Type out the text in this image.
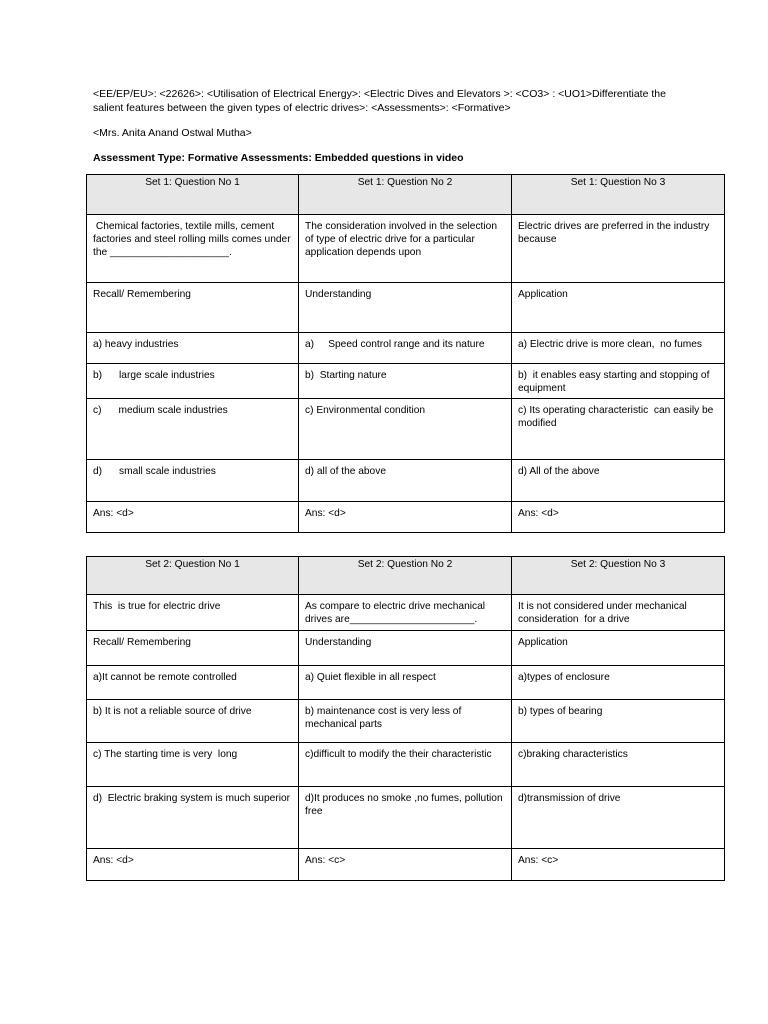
<EE/EP/EU>: <22626>: <Utilisation of Electrical Energy>: <Electric Dives and Elevators >: <CO3> : <UO1>Differentiate the salient features between the given types of electric drives>: <Assessments>: <Formative>
<Mrs. Anita Anand Ostwal Mutha>
Assessment Type: Formative Assessments: Embedded questions in video
Set 1: Question No 1	Set 1: Question No 2	Set 1: Question No 3
Chemical factories, textile mills, cement factories and steel rolling mills comes under the _____________________.	The consideration involved in the selection of type of electric drive for a particular application depends upon	Electric drives are preferred in the industry because
Recall/ Remembering	Understanding	Application
a) heavy industries	a)     Speed control range and its nature	a) Electric drive is more clean,  no fumes
b)      large scale industries	b)  Starting nature	b)  it enables easy starting and stopping of equipment
c)      medium scale industries	c) Environmental condition	c) Its operating characteristic  can easily be modified
d)      small scale industries	d) all of the above	d) All of the above
Ans: <d>	Ans: <d>	Ans: <d>
Set 2: Question No 1	Set 2: Question No 2	Set 2: Question No 3
This  is true for electric drive	As compare to electric drive mechanical drives are______________________.	It is not considered under mechanical consideration  for a drive
Recall/ Remembering	Understanding	Application
a)It cannot be remote controlled	a) Quiet flexible in all respect	a)types of enclosure
b) It is not a reliable source of drive	b) maintenance cost is very less of mechanical parts	b) types of bearing
c) The starting time is very  long	c)difficult to modify the their characteristic	c)braking characteristics
d)  Electric braking system is much superior	d)It produces no smoke ,no fumes, pollution free	d)transmission of drive
Ans: <d>	Ans: <c>	Ans: <c>
